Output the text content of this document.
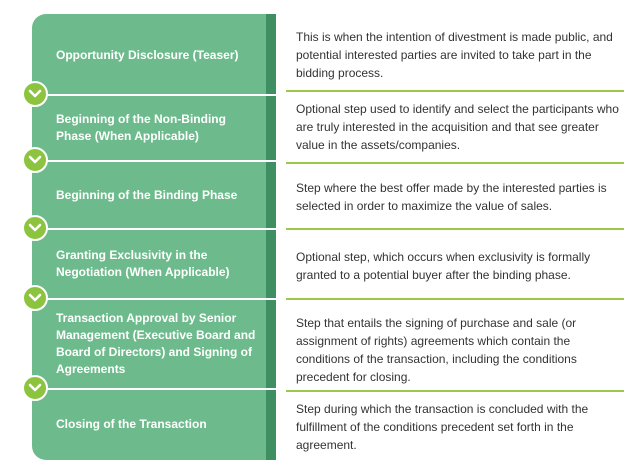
Opportunity Disclosure (Teaser)
Beginning of the Non-Binding Phase (When Applicable)
Beginning of the Binding Phase
Granting Exclusivity in the Negotiation (When Applicable)
Transaction Approval by Senior Management (Executive Board and Board of Directors) and Signing of Agreements
Closing of the Transaction
This is when the intention of divestment is made public, and potential interested parties are invited to take part in the bidding process.
Optional step used to identify and select the participants who are truly interested in the acquisition and that see greater value in the assets/companies.
Step where the best offer made by the interested parties is selected in order to maximize the value of sales.
Optional step, which occurs when exclusivity is formally granted to a potential buyer after the binding phase.
Step that entails the signing of purchase and sale (or assignment of rights) agreements which contain the conditions of the transaction, including the conditions precedent for closing.
Step during which the transaction is concluded with the fulfillment of the conditions precedent set forth in the agreement.
